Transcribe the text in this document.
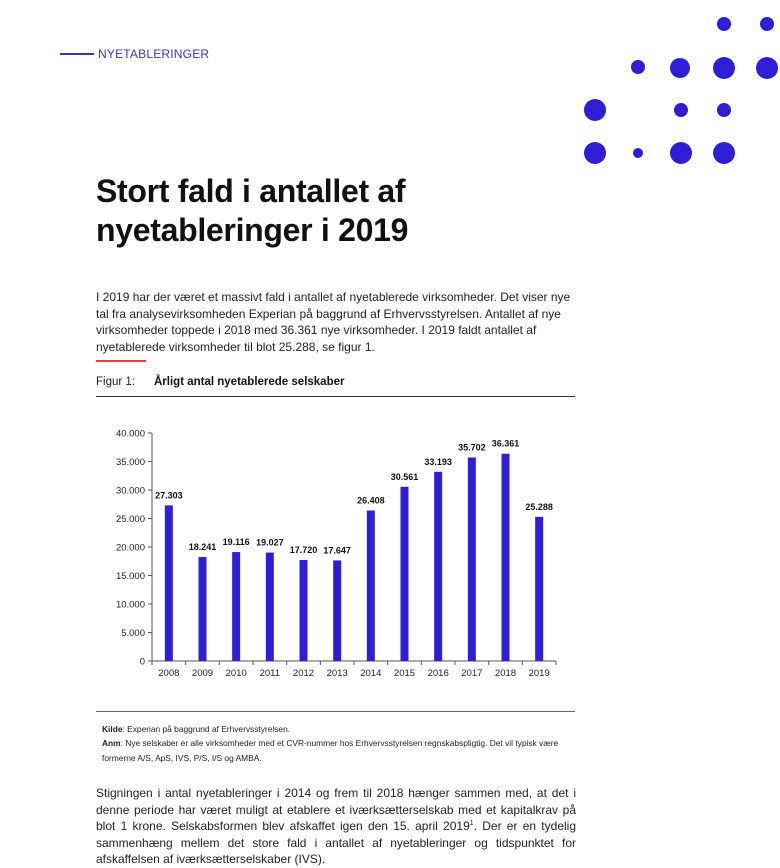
NYETABLERINGER
Stort fald i antallet af nyetableringer i 2019

I 2019 har der været et massivt fald i antallet af nyetablerede virksomheder. Det viser nye tal fra analysevirksomheden Experian på baggrund af Erhvervsstyrelsen. Antallet af nye virksomheder toppede i 2018 med 36.361 nye virksomheder. I 2019 faldt antallet af nyetablerede virksomheder til blot 25.288, se figur 1.

Figur 1: Årligt antal nyetablerede selskaber
0
5.000
10.000
15.000
20.000
25.000
30.000
35.000
40.000
27.303
2008
18.241
2009
19.116
2010
19.027
2011
17.720
2012
17.647
2013
26.408
2014
30.561
2015
33.193
2016
35.702
2017
36.361
2018
25.288
2019
Kilde: Experian på baggrund af Erhvervsstyrelsen.
Anm: Nye selskaber er alle virksomheder med et CVR-nummer hos Erhvervsstyrelsen regnskabspligtig. Det vil typisk være formerne A/S, ApS, IVS, P/S, I/S og AMBA.

Stigningen i antal nyetableringer i 2014 og frem til 2018 hænger sammen med, at det i denne periode har været muligt at etablere et iværksætterselskab med et kapitalkrav på blot 1 krone. Selskabsformen blev afskaffet igen den 15. april 2019$^1$. Der er en tydelig sammenhæng mellem det store fald i antallet af nyetableringer og tidspunktet for afskaffelsen af iværksætterselskaber (IVS).
